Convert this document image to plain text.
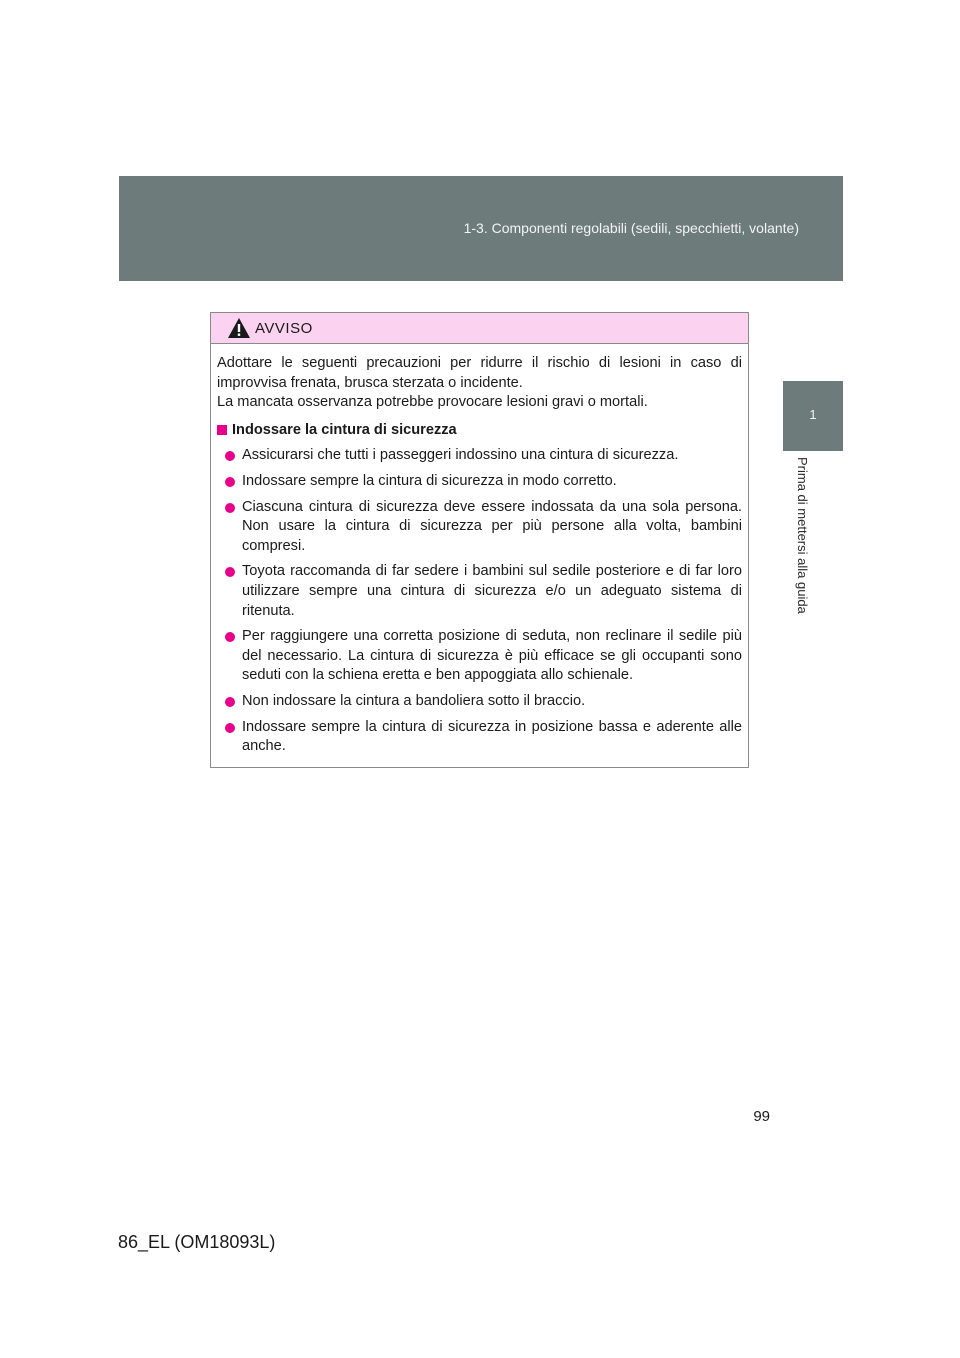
1-3. Componenti regolabili (sedili, specchietti, volante)
1
Prima di mettersi alla guida
AVVISO

Adottare le seguenti precauzioni per ridurre il rischio di lesioni in caso di improvvisa frenata, brusca sterzata o incidente.

La mancata osservanza potrebbe provocare lesioni gravi o mortali.

Indossare la cintura di sicurezza
Assicurarsi che tutti i passeggeri indossino una cintura di sicurezza.
Indossare sempre la cintura di sicurezza in modo corretto.
Ciascuna cintura di sicurezza deve essere indossata da una sola persona. Non usare la cintura di sicurezza per più persone alla volta, bambini compresi.
Toyota raccomanda di far sedere i bambini sul sedile posteriore e di far loro utilizzare sempre una cintura di sicurezza e/o un adeguato sistema di ritenuta.
Per raggiungere una corretta posizione di seduta, non reclinare il sedile più del necessario. La cintura di sicurezza è più efficace se gli occupanti sono seduti con la schiena eretta e ben appoggiata allo schienale.
Non indossare la cintura a bandoliera sotto il braccio.
Indossare sempre la cintura di sicurezza in posizione bassa e aderente alle anche.
99
86_EL (OM18093L)
